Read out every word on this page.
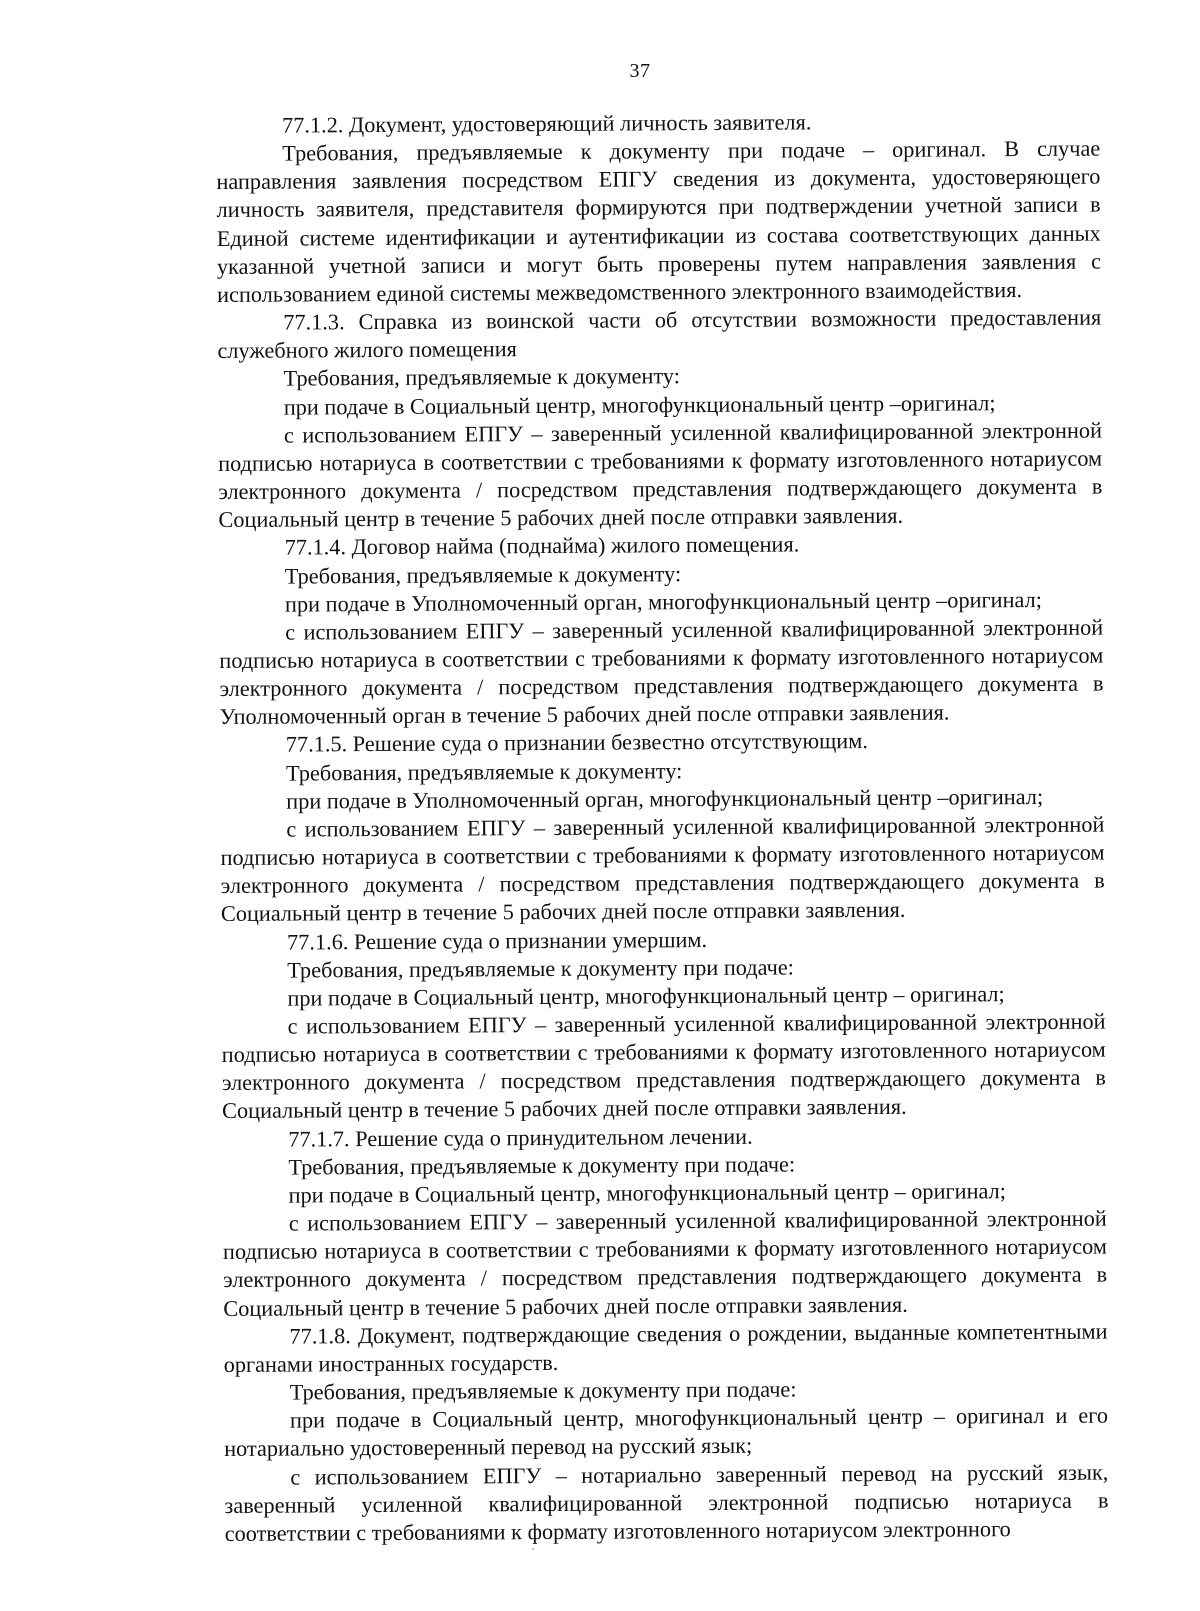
37

77.1.2. Документ, удостоверяющий личность заявителя.

Требования, предъявляемые к документу при подаче – оригинал. В случае направления заявления посредством ЕПГУ сведения из документа, удостоверяющего личность заявителя, представителя формируются при подтверждении учетной записи в Единой системе идентификации и аутентификации из состава соответствующих данных указанной учетной записи и могут быть проверены путем направления заявления с использованием единой системы межведомственного электронного взаимодействия.

77.1.3. Справка из воинской части об отсутствии возможности предоставления служебного жилого помещения

Требования, предъявляемые к документу:

при подаче в Социальный центр, многофункциональный центр –оригинал;

с использованием ЕПГУ – заверенный усиленной квалифицированной электронной подписью нотариуса в соответствии с требованиями к формату изготовленного нотариусом электронного документа / посредством представления подтверждающего документа в Социальный центр в течение 5 рабочих дней после отправки заявления.

77.1.4. Договор найма (поднайма) жилого помещения.

Требования, предъявляемые к документу:

при подаче в Уполномоченный орган, многофункциональный центр –оригинал;

с использованием ЕПГУ – заверенный усиленной квалифицированной электронной подписью нотариуса в соответствии с требованиями к формату изготовленного нотариусом электронного документа / посредством представления подтверждающего документа в Уполномоченный орган в течение 5 рабочих дней после отправки заявления.

77.1.5. Решение суда о признании безвестно отсутствующим.

Требования, предъявляемые к документу:

при подаче в Уполномоченный орган, многофункциональный центр –оригинал;

с использованием ЕПГУ – заверенный усиленной квалифицированной электронной подписью нотариуса в соответствии с требованиями к формату изготовленного нотариусом электронного документа / посредством представления подтверждающего документа в Социальный центр в течение 5 рабочих дней после отправки заявления.

77.1.6. Решение суда о признании умершим.

Требования, предъявляемые к документу при подаче:

при подаче в Социальный центр, многофункциональный центр – оригинал;

с использованием ЕПГУ – заверенный усиленной квалифицированной электронной подписью нотариуса в соответствии с требованиями к формату изготовленного нотариусом электронного документа / посредством представления подтверждающего документа в Социальный центр в течение 5 рабочих дней после отправки заявления.

77.1.7. Решение суда о принудительном лечении.

Требования, предъявляемые к документу при подаче:

при подаче в Социальный центр, многофункциональный центр – оригинал;

с использованием ЕПГУ – заверенный усиленной квалифицированной электронной подписью нотариуса в соответствии с требованиями к формату изготовленного нотариусом электронного документа / посредством представления подтверждающего документа в Социальный центр в течение 5 рабочих дней после отправки заявления.

77.1.8. Документ, подтверждающие сведения о рождении, выданные компетентными органами иностранных государств.

Требования, предъявляемые к документу при подаче:

при подаче в Социальный центр, многофункциональный центр – оригинал и его нотариально удостоверенный перевод на русский язык;

с использованием ЕПГУ – нотариально заверенный перевод на русский язык, заверенный усиленной квалифицированной электронной подписью нотариуса в соответствии с требованиями к формату изготовленного нотариусом электронного
